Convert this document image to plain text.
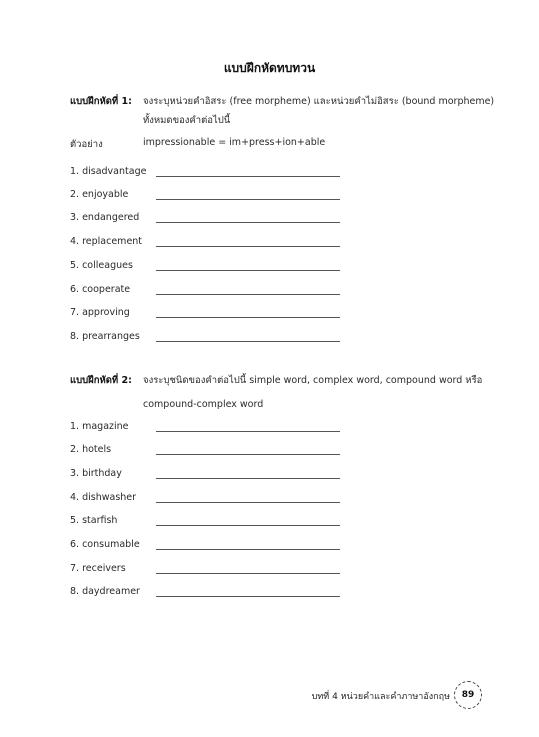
แบบฝึกหัดทบทวน
แบบฝึกหัดที่ 1: จงระบุหน่วยคำอิสระ (free morpheme) และหน่วยคำไม่อิสระ (bound morpheme)
ทั้งหมดของคำต่อไปนี้
ตัวอย่าง	impressionable = im+press+ion+able
1. disadvantage
2. enjoyable
3. endangered
4. replacement
5. colleagues
6. cooperate
7. approving
8. prearranges
แบบฝึกหัดที่ 2: จงระบุชนิดของคำต่อไปนี้ simple word, complex word, compound word หรือ
compound-complex word
1. magazine
2. hotels
3. birthday
4. dishwasher
5. starfish
6. consumable
7. receivers
8. daydreamer
บทที่ 4 หน่วยคำและคำภาษาอังกฤษ	89
